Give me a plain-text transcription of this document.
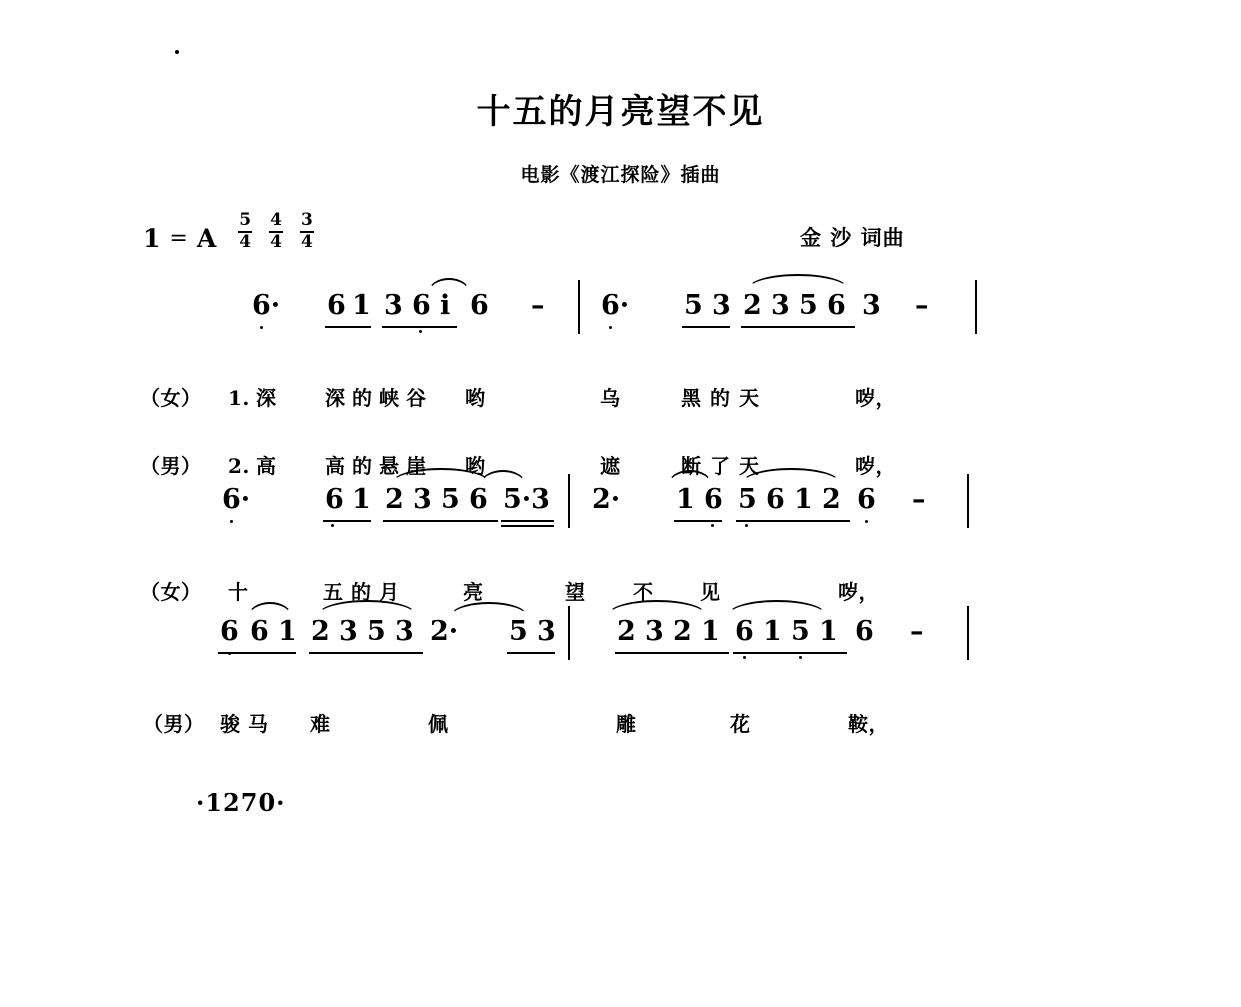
十五的月亮望不见
电影《渡江探险》插曲
1 = A
5
4
4
4
3
4	金 沙 词曲
6· 6 1 3 6 i 6 – 6· 5 3 2 3 5 6 3 –
（女） 1. 深 深 的 峡 谷 哟	乌	黑 的 天	哕，
（男） 2. 高 高 的 悬 崖 哟	遮	断 了 天	哕，
6·	6 1 2 3 5 6 5·3 2· 1 6 5 6 1 2 6 –
（女） 十	五 的 月	亮	望 不 见	哕，
6 6 1 2 3 5 3 2· 5 3 2 3 2 1 6 1 5 1 6 –
（男） 骏 马 难	佩	雕	花	鞍，
·1270·
